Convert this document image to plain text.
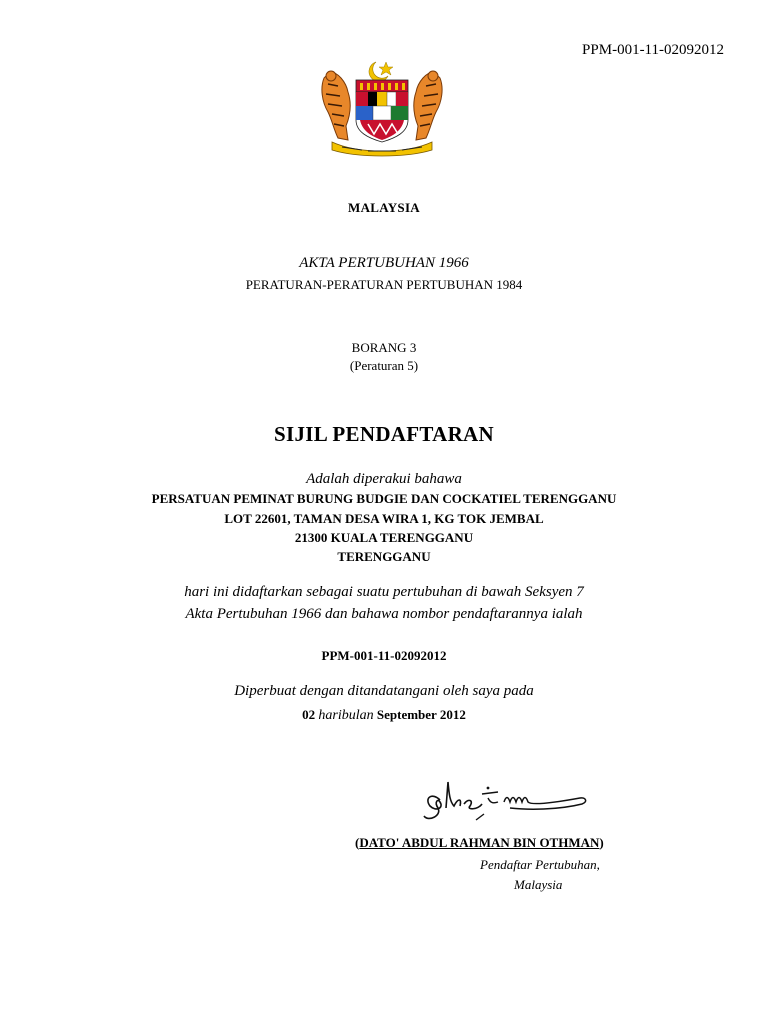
PPM-001-11-02092012
MALAYSIA
AKTA PERTUBUHAN 1966
PERATURAN-PERATURAN PERTUBUHAN 1984
BORANG 3
(Peraturan 5)
SIJIL PENDAFTARAN
Adalah diperakui bahawa
PERSATUAN PEMINAT BURUNG BUDGIE DAN COCKATIEL TERENGGANU
LOT 22601, TAMAN DESA WIRA 1, KG TOK JEMBAL
21300 KUALA TERENGGANU
TERENGGANU
hari ini didaftarkan sebagai suatu pertubuhan di bawah Seksyen 7
Akta Pertubuhan 1966 dan bahawa nombor pendaftarannya ialah
PPM-001-11-02092012
Diperbuat dengan ditandatangani oleh saya pada
02 haribulan September 2012
(DATO' ABDUL RAHMAN BIN OTHMAN)
Pendaftar Pertubuhan,
Malaysia
